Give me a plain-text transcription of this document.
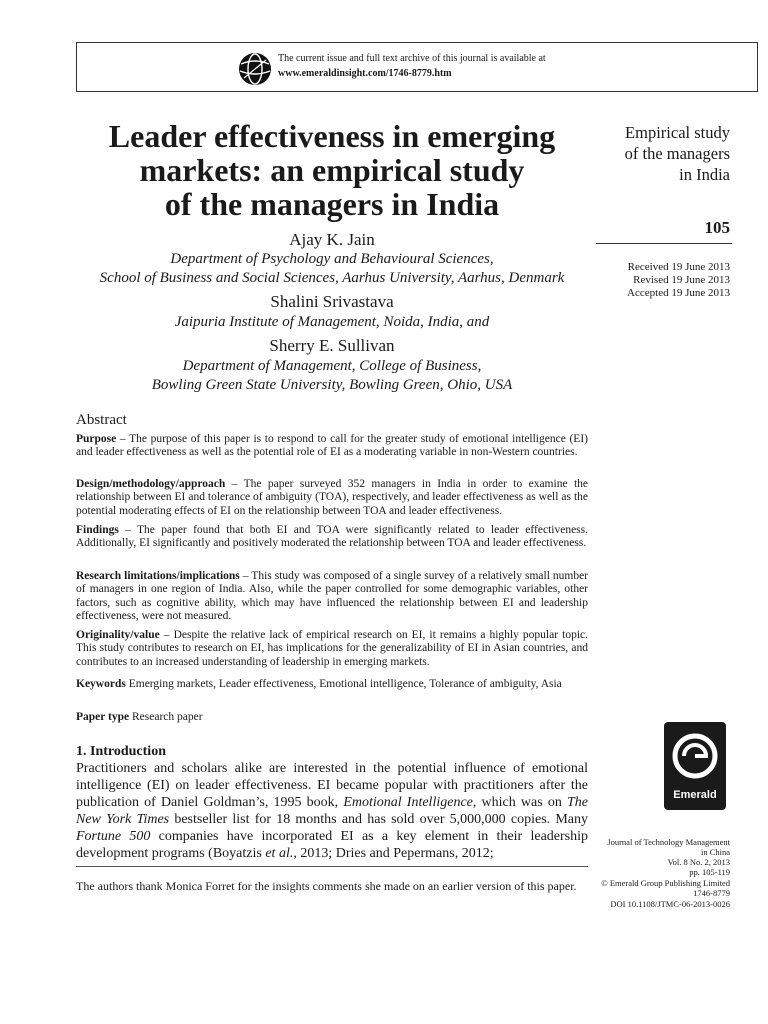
The current issue and full text archive of this journal is available at
www.emeraldinsight.com/1746-8779.htm
Leader effectiveness in emerging
markets: an empirical study
of the managers in India
Ajay K. Jain
Department of Psychology and Behavioural Sciences,
School of Business and Social Sciences, Aarhus University, Aarhus, Denmark
Shalini Srivastava
Jaipuria Institute of Management, Noida, India, and
Sherry E. Sullivan
Department of Management, College of Business,
Bowling Green State University, Bowling Green, Ohio, USA
Empirical study
of the managers
in India
105
Received 19 June 2013
Revised 19 June 2013
Accepted 19 June 2013
Abstract
Purpose – The purpose of this paper is to respond to call for the greater study of emotional intelligence (EI) and leader effectiveness as well as the potential role of EI as a moderating variable in non-Western countries.
Design/methodology/approach – The paper surveyed 352 managers in India in order to examine the relationship between EI and tolerance of ambiguity (TOA), respectively, and leader effectiveness as well as the potential moderating effects of EI on the relationship between TOA and leader effectiveness.
Findings – The paper found that both EI and TOA were significantly related to leader effectiveness. Additionally, EI significantly and positively moderated the relationship between TOA and leader effectiveness.
Research limitations/implications – This study was composed of a single survey of a relatively small number of managers in one region of India. Also, while the paper controlled for some demographic variables, other factors, such as cognitive ability, which may have influenced the relationship between EI and leadership effectiveness, were not measured.
Originality/value – Despite the relative lack of empirical research on EI, it remains a highly popular topic. This study contributes to research on EI, has implications for the generalizability of EI in Asian countries, and contributes to an increased understanding of leadership in emerging markets.
Keywords Emerging markets, Leader effectiveness, Emotional intelligence, Tolerance of ambiguity, Asia
Paper type Research paper
1. Introduction
Practitioners and scholars alike are interested in the potential influence of emotional intelligence (EI) on leader effectiveness. EI became popular with practitioners after the publication of Daniel Goldman’s, 1995 book, Emotional Intelligence, which was on The New York Times bestseller list for 18 months and has sold over 5,000,000 copies. Many Fortune 500 companies have incorporated EI as a key element in their leadership development programs (Boyatzis et al., 2013; Dries and Pepermans, 2012;
The authors thank Monica Forret for the insights comments she made on an earlier version of this paper.
Emerald
Journal of Technology Management
in China
Vol. 8 No. 2, 2013
pp. 105-119
© Emerald Group Publishing Limited
1746-8779
DOI 10.1108/JTMC-06-2013-0026
